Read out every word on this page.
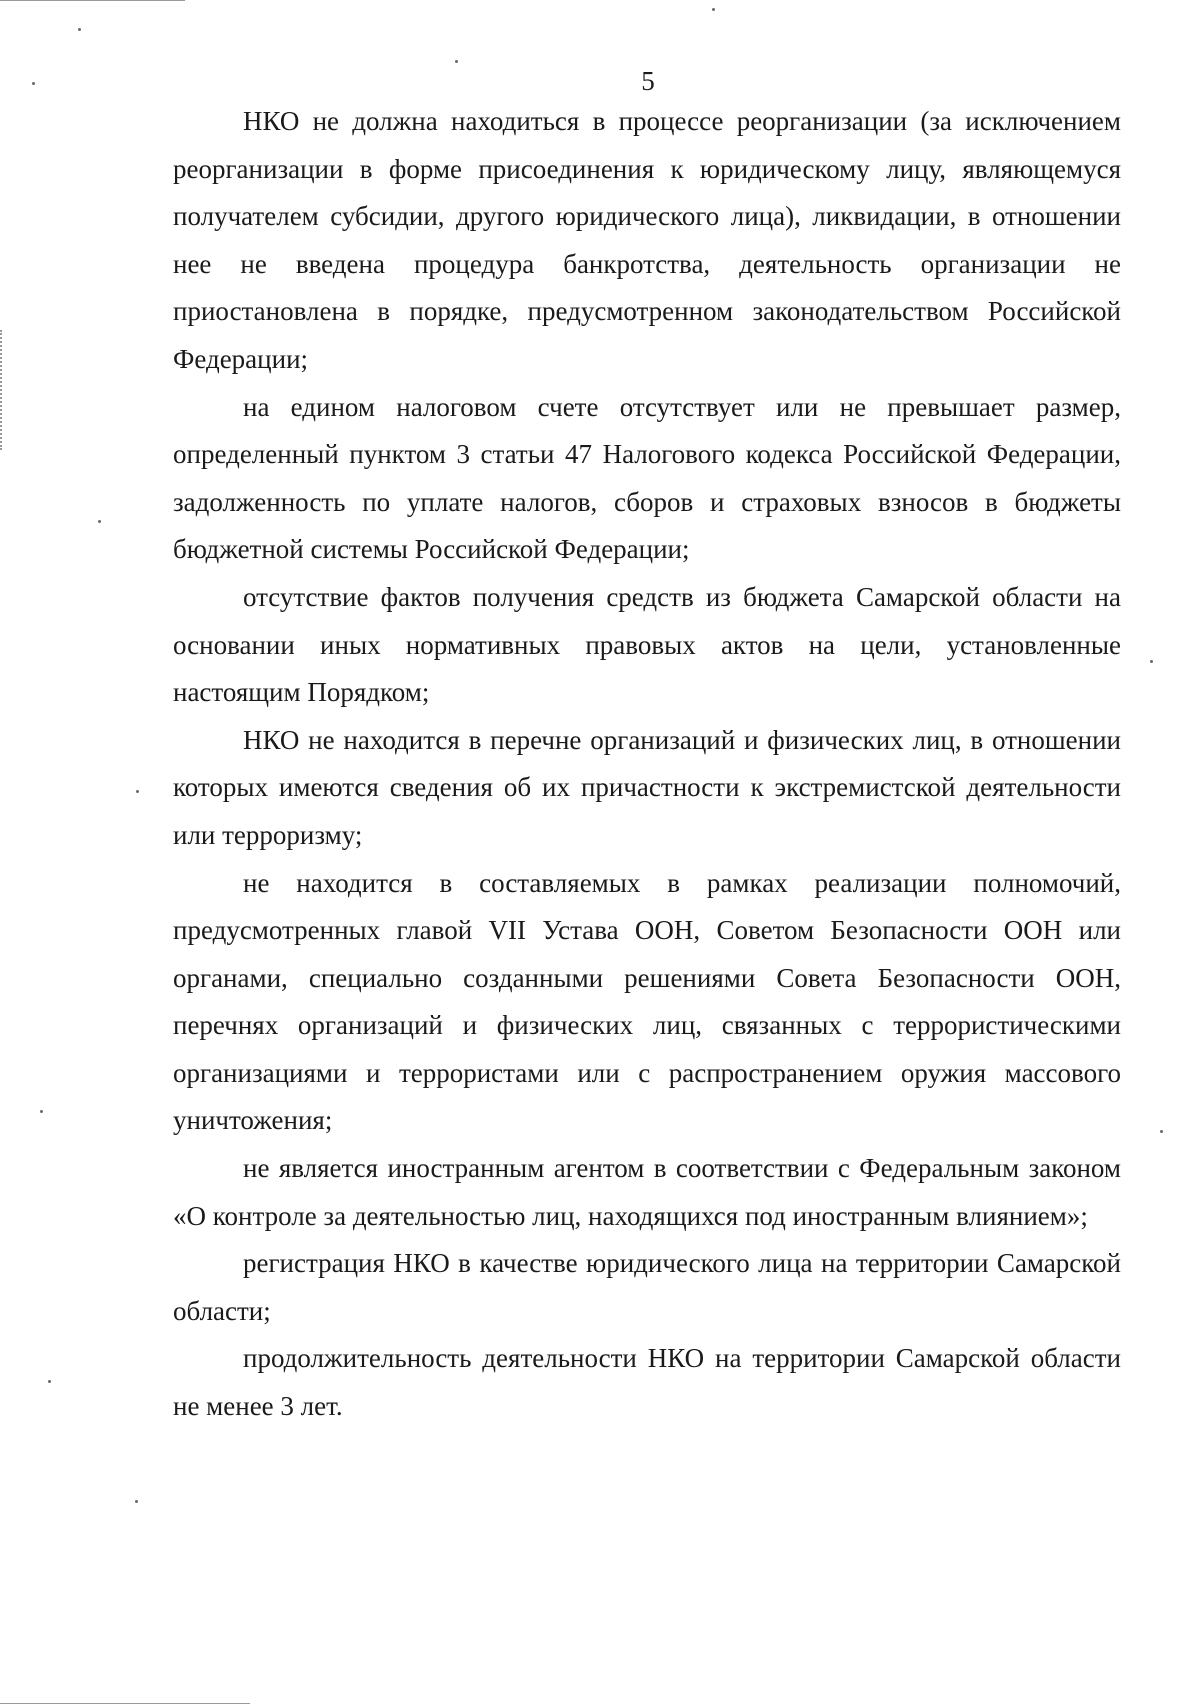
5

НКО не должна находиться в процессе реорганизации (за исключением реорганизации в форме присоединения к юридическому лицу, являющемуся получателем субсидии, другого юридического лица), ликвидации, в отношении нее не введена процедура банкротства, деятельность организации не приостановлена в порядке, предусмотренном законодательством Российской Федерации;

на едином налоговом счете отсутствует или не превышает размер, определенный пунктом 3 статьи 47 Налогового кодекса Российской Федерации, задолженность по уплате налогов, сборов и страховых взносов в бюджеты бюджетной системы Российской Федерации;

отсутствие фактов получения средств из бюджета Самарской области на основании иных нормативных правовых актов на цели, установленные настоящим Порядком;

НКО не находится в перечне организаций и физических лиц, в отношении которых имеются сведения об их причастности к экстремистской деятельности или терроризму;

не находится в составляемых в рамках реализации полномочий, предусмотренных главой VII Устава ООН, Советом Безопасности ООН или органами, специально созданными решениями Совета Безопасности ООН, перечнях организаций и физических лиц, связанных с террористическими организациями и террористами или с распространением оружия массового уничтожения;

не является иностранным агентом в соответствии с Федеральным законом «О контроле за деятельностью лиц, находящихся под иностранным влиянием»;

регистрация НКО в качестве юридического лица на территории Самарской области;

продолжительность деятельности НКО на территории Самарской области не менее 3 лет.
